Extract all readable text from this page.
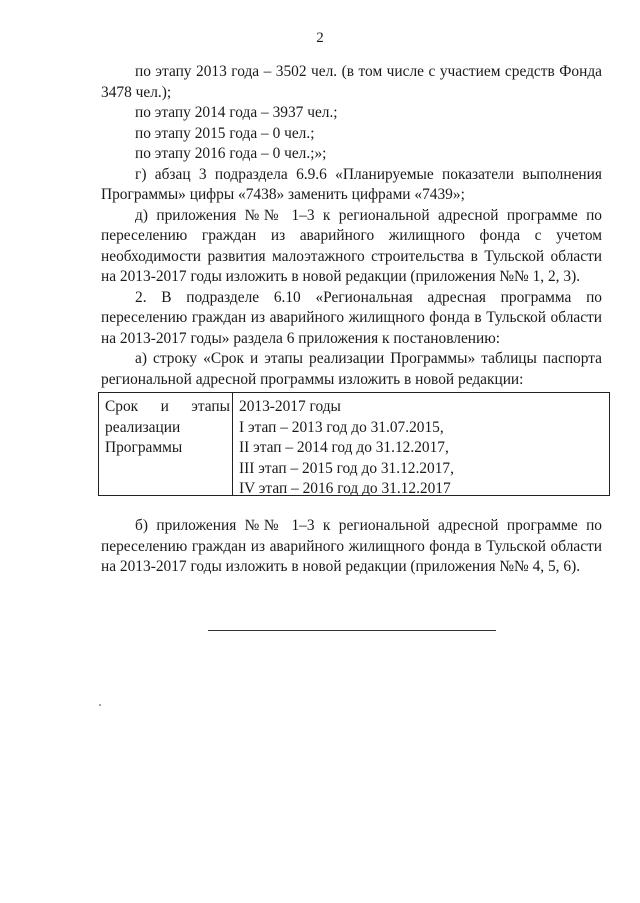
2

по этапу 2013 года – 3502 чел. (в том числе с участием средств Фонда 3478 чел.);

по этапу 2014 года – 3937 чел.;

по этапу 2015 года – 0 чел.;

по этапу 2016 года – 0 чел.;»;

г) абзац 3 подраздела 6.9.6 «Планируемые показатели выполнения Программы» цифры «7438» заменить цифрами «7439»;

д) приложения №№ 1–3 к региональной адресной программе по переселению граждан из аварийного жилищного фонда с учетом необходимости развития малоэтажного строительства в Тульской области на 2013-2017 годы изложить в новой редакции (приложения №№ 1, 2, 3).

2. В подразделе 6.10 «Региональная адресная программа по переселению граждан из аварийного жилищного фонда в Тульской области на 2013-2017 годы» раздела 6 приложения к постановлению:

а) строку «Срок и этапы реализации Программы» таблицы паспорта региональной адресной программы изложить в новой редакции:

Срок и этапы
реализации
Программы
2013-2017 годы
I этап – 2013 год до 31.07.2015,
II этап – 2014 год до 31.12.2017,
III этап – 2015 год до 31.12.2017,
IV этап – 2016 год до 31.12.2017

б) приложения №№ 1–3 к региональной адресной программе по переселению граждан из аварийного жилищного фонда в Тульской области на 2013-2017 годы изложить в новой редакции (приложения №№ 4, 5, 6).
